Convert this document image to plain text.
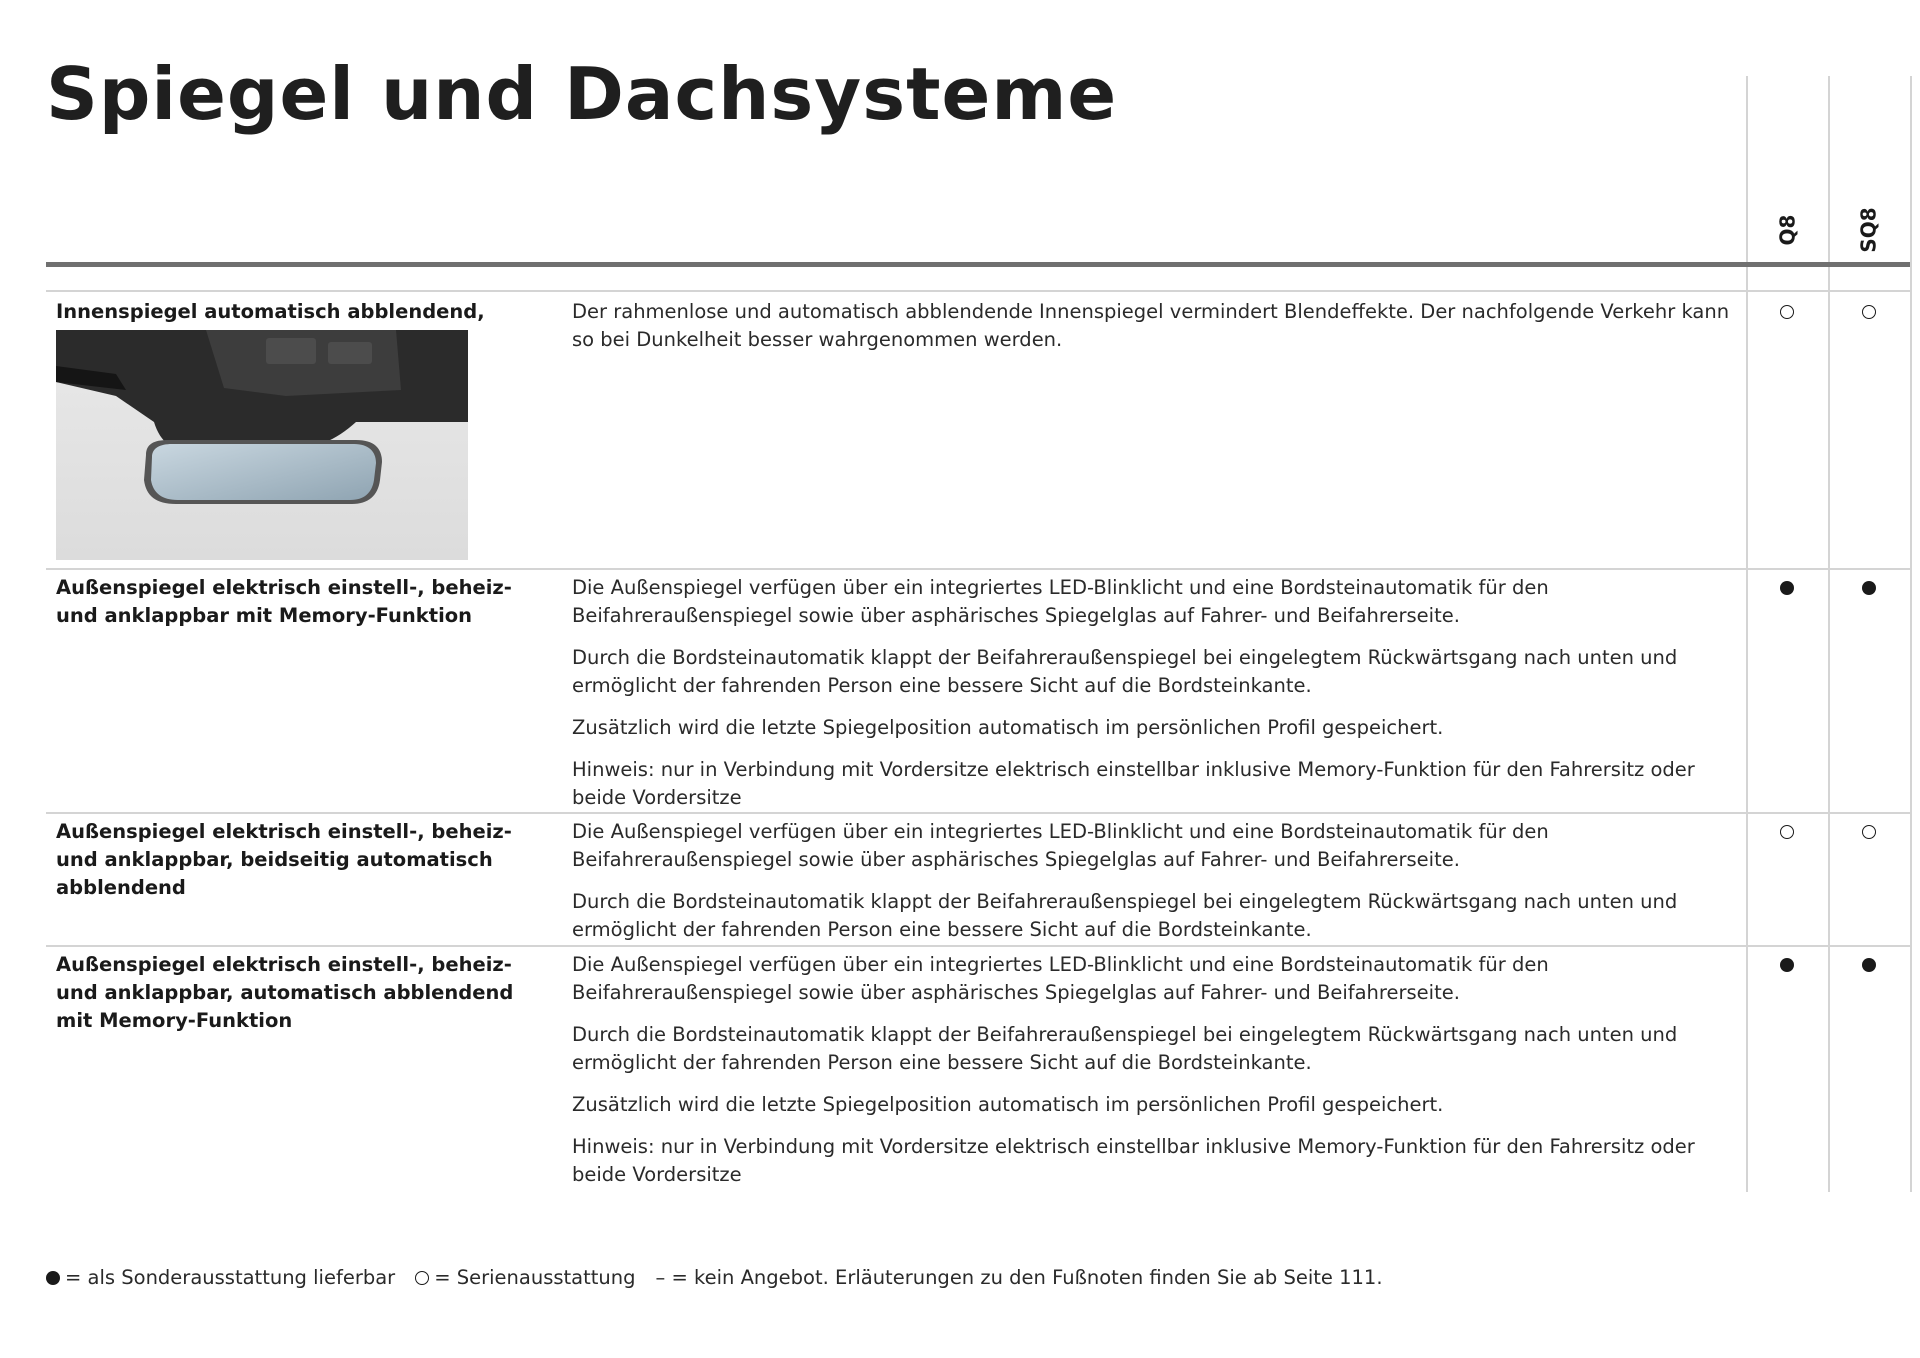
Spiegel und Dachsysteme
Q8	SQ8
Innenspiegel automatisch abblendend,	Der rahmenlose und automatisch abblendende Innenspiegel vermindert Blendeffekte. Der nachfolgende Verkehr kann so bei Dunkelheit besser wahrgenommen werden.

Außenspiegel elektrisch einstell-, beheiz- und anklappbar mit Memory-Funktion

Die Außenspiegel verfügen über ein integriertes LED-Blinklicht und eine Bordsteinautomatik für den Beifahreraußenspiegel sowie über asphärisches Spiegelglas auf Fahrer- und Beifahrerseite.

Durch die Bordsteinautomatik klappt der Beifahreraußenspiegel bei eingelegtem Rückwärtsgang nach unten und ermöglicht der fahrenden Person eine bessere Sicht auf die Bordsteinkante.

Zusätzlich wird die letzte Spiegelposition automatisch im persönlichen Profil gespeichert.

Hinweis: nur in Verbindung mit Vordersitze elektrisch einstellbar inklusive Memory-Funktion für den Fahrersitz oder beide Vordersitze

Außenspiegel elektrisch einstell-, beheiz- und anklappbar, beidseitig automatisch abblendend

Die Außenspiegel verfügen über ein integriertes LED-Blinklicht und eine Bordsteinautomatik für den Beifahreraußenspiegel sowie über asphärisches Spiegelglas auf Fahrer- und Beifahrerseite.

Durch die Bordsteinautomatik klappt der Beifahreraußenspiegel bei eingelegtem Rückwärtsgang nach unten und ermöglicht der fahrenden Person eine bessere Sicht auf die Bordsteinkante.

Außenspiegel elektrisch einstell-, beheiz- und anklappbar, automatisch abblendend mit Memory-Funktion

Die Außenspiegel verfügen über ein integriertes LED-Blinklicht und eine Bordsteinautomatik für den Beifahreraußenspiegel sowie über asphärisches Spiegelglas auf Fahrer- und Beifahrerseite.

Durch die Bordsteinautomatik klappt der Beifahreraußenspiegel bei eingelegtem Rückwärtsgang nach unten und ermöglicht der fahrenden Person eine bessere Sicht auf die Bordsteinkante.

Zusätzlich wird die letzte Spiegelposition automatisch im persönlichen Profil gespeichert.

Hinweis: nur in Verbindung mit Vordersitze elektrisch einstellbar inklusive Memory-Funktion für den Fahrersitz oder beide Vordersitze

= als Sonderausstattung lieferbar = Serienausstattung – = kein Angebot. Erläuterungen zu den Fußnoten finden Sie ab Seite 111.
